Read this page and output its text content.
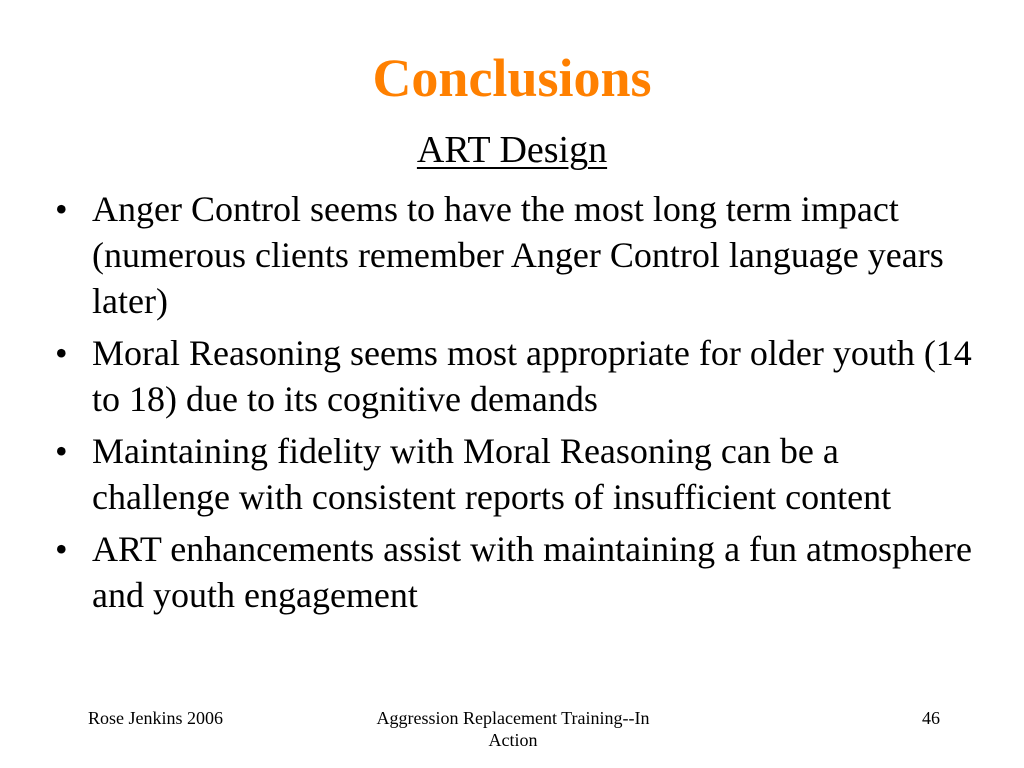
Conclusions
ART Design
• Anger Control seems to have the most long term impact (numerous clients remember Anger Control language years later)
• Moral Reasoning seems most appropriate for older youth (14 to 18) due to its cognitive demands
• Maintaining fidelity with Moral Reasoning can be a challenge with consistent reports of insufficient content
• ART enhancements assist with maintaining a fun atmosphere and youth engagement
Rose Jenkins 2006	Aggression Replacement Training--In Action
46
